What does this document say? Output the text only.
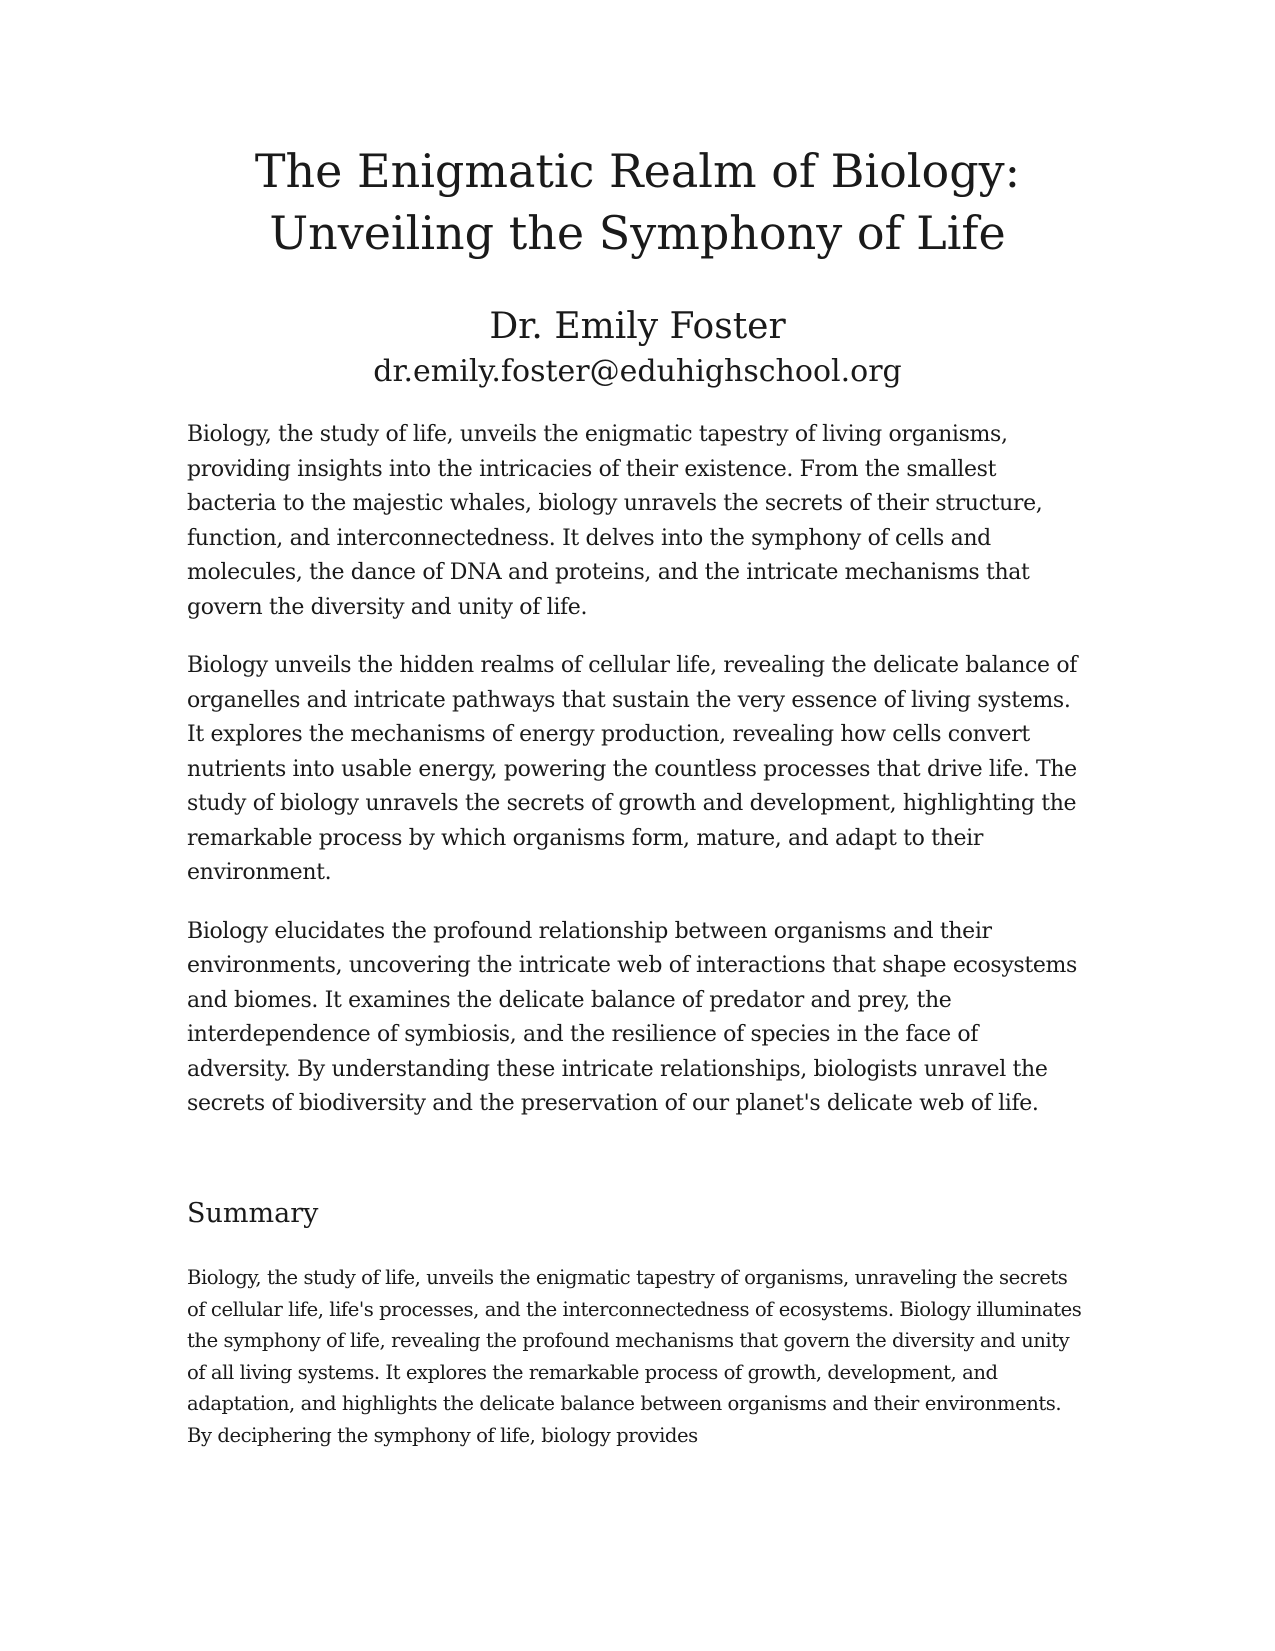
The Enigmatic Realm of Biology: Unveiling the Symphony of Life
Dr. Emily Foster
dr.emily.foster@eduhighschool.org

Biology, the study of life, unveils the enigmatic tapestry of living organisms, providing insights into the intricacies of their existence. From the smallest bacteria to the majestic whales, biology unravels the secrets of their structure, function, and interconnectedness. It delves into the symphony of cells and molecules, the dance of DNA and proteins, and the intricate mechanisms that govern the diversity and unity of life.

Biology unveils the hidden realms of cellular life, revealing the delicate balance of organelles and intricate pathways that sustain the very essence of living systems. It explores the mechanisms of energy production, revealing how cells convert nutrients into usable energy, powering the countless processes that drive life. The study of biology unravels the secrets of growth and development, highlighting the remarkable process by which organisms form, mature, and adapt to their environment.

Biology elucidates the profound relationship between organisms and their environments, uncovering the intricate web of interactions that shape ecosystems and biomes. It examines the delicate balance of predator and prey, the interdependence of symbiosis, and the resilience of species in the face of adversity. By understanding these intricate relationships, biologists unravel the secrets of biodiversity and the preservation of our planet's delicate web of life.

Summary

Biology, the study of life, unveils the enigmatic tapestry of organisms, unraveling the secrets of cellular life, life's processes, and the interconnectedness of ecosystems. Biology illuminates the symphony of life, revealing the profound mechanisms that govern the diversity and unity of all living systems. It explores the remarkable process of growth, development, and adaptation, and highlights the delicate balance between organisms and their environments. By deciphering the symphony of life, biology provides
